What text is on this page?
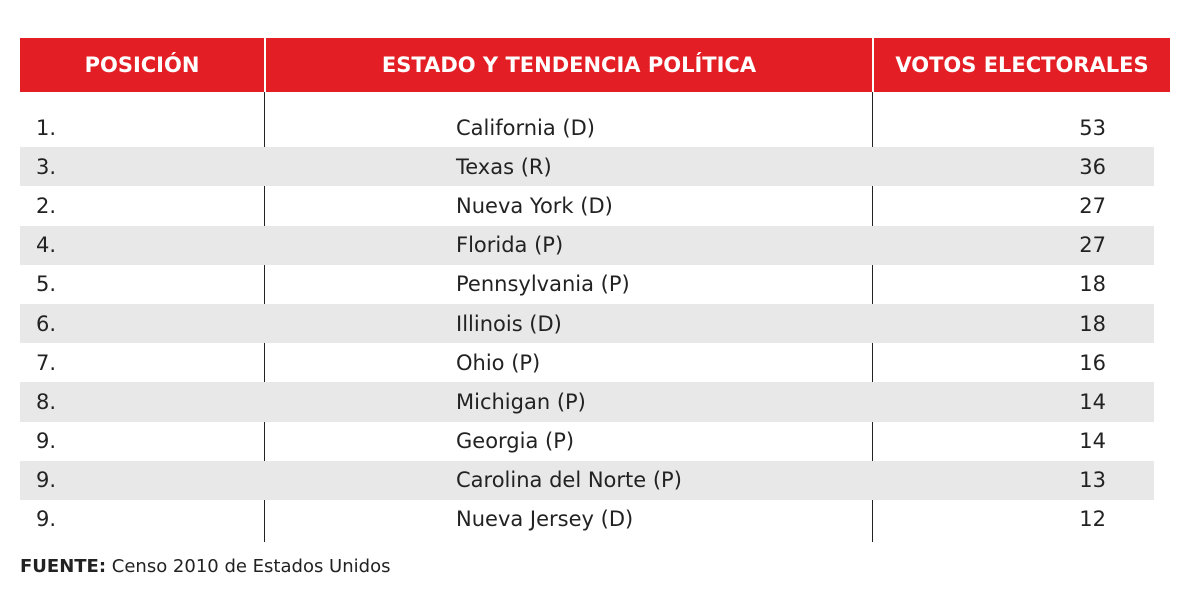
POSICIÓN	ESTADO Y TENDENCIA POLÍTICA	VOTOS ELECTORALES
1.	California (D)	53
3.	Texas (R)	36
2.	Nueva York (D)	27
4.	Florida (P)	27
5.	Pennsylvania (P)	18
6.	Illinois (D)	18
7.	Ohio (P)	16
8.	Michigan (P)	14
9.	Georgia (P)	14
9.	Carolina del Norte (P)	13
9.	Nueva Jersey (D)	12
FUENTE: Censo 2010 de Estados Unidos
